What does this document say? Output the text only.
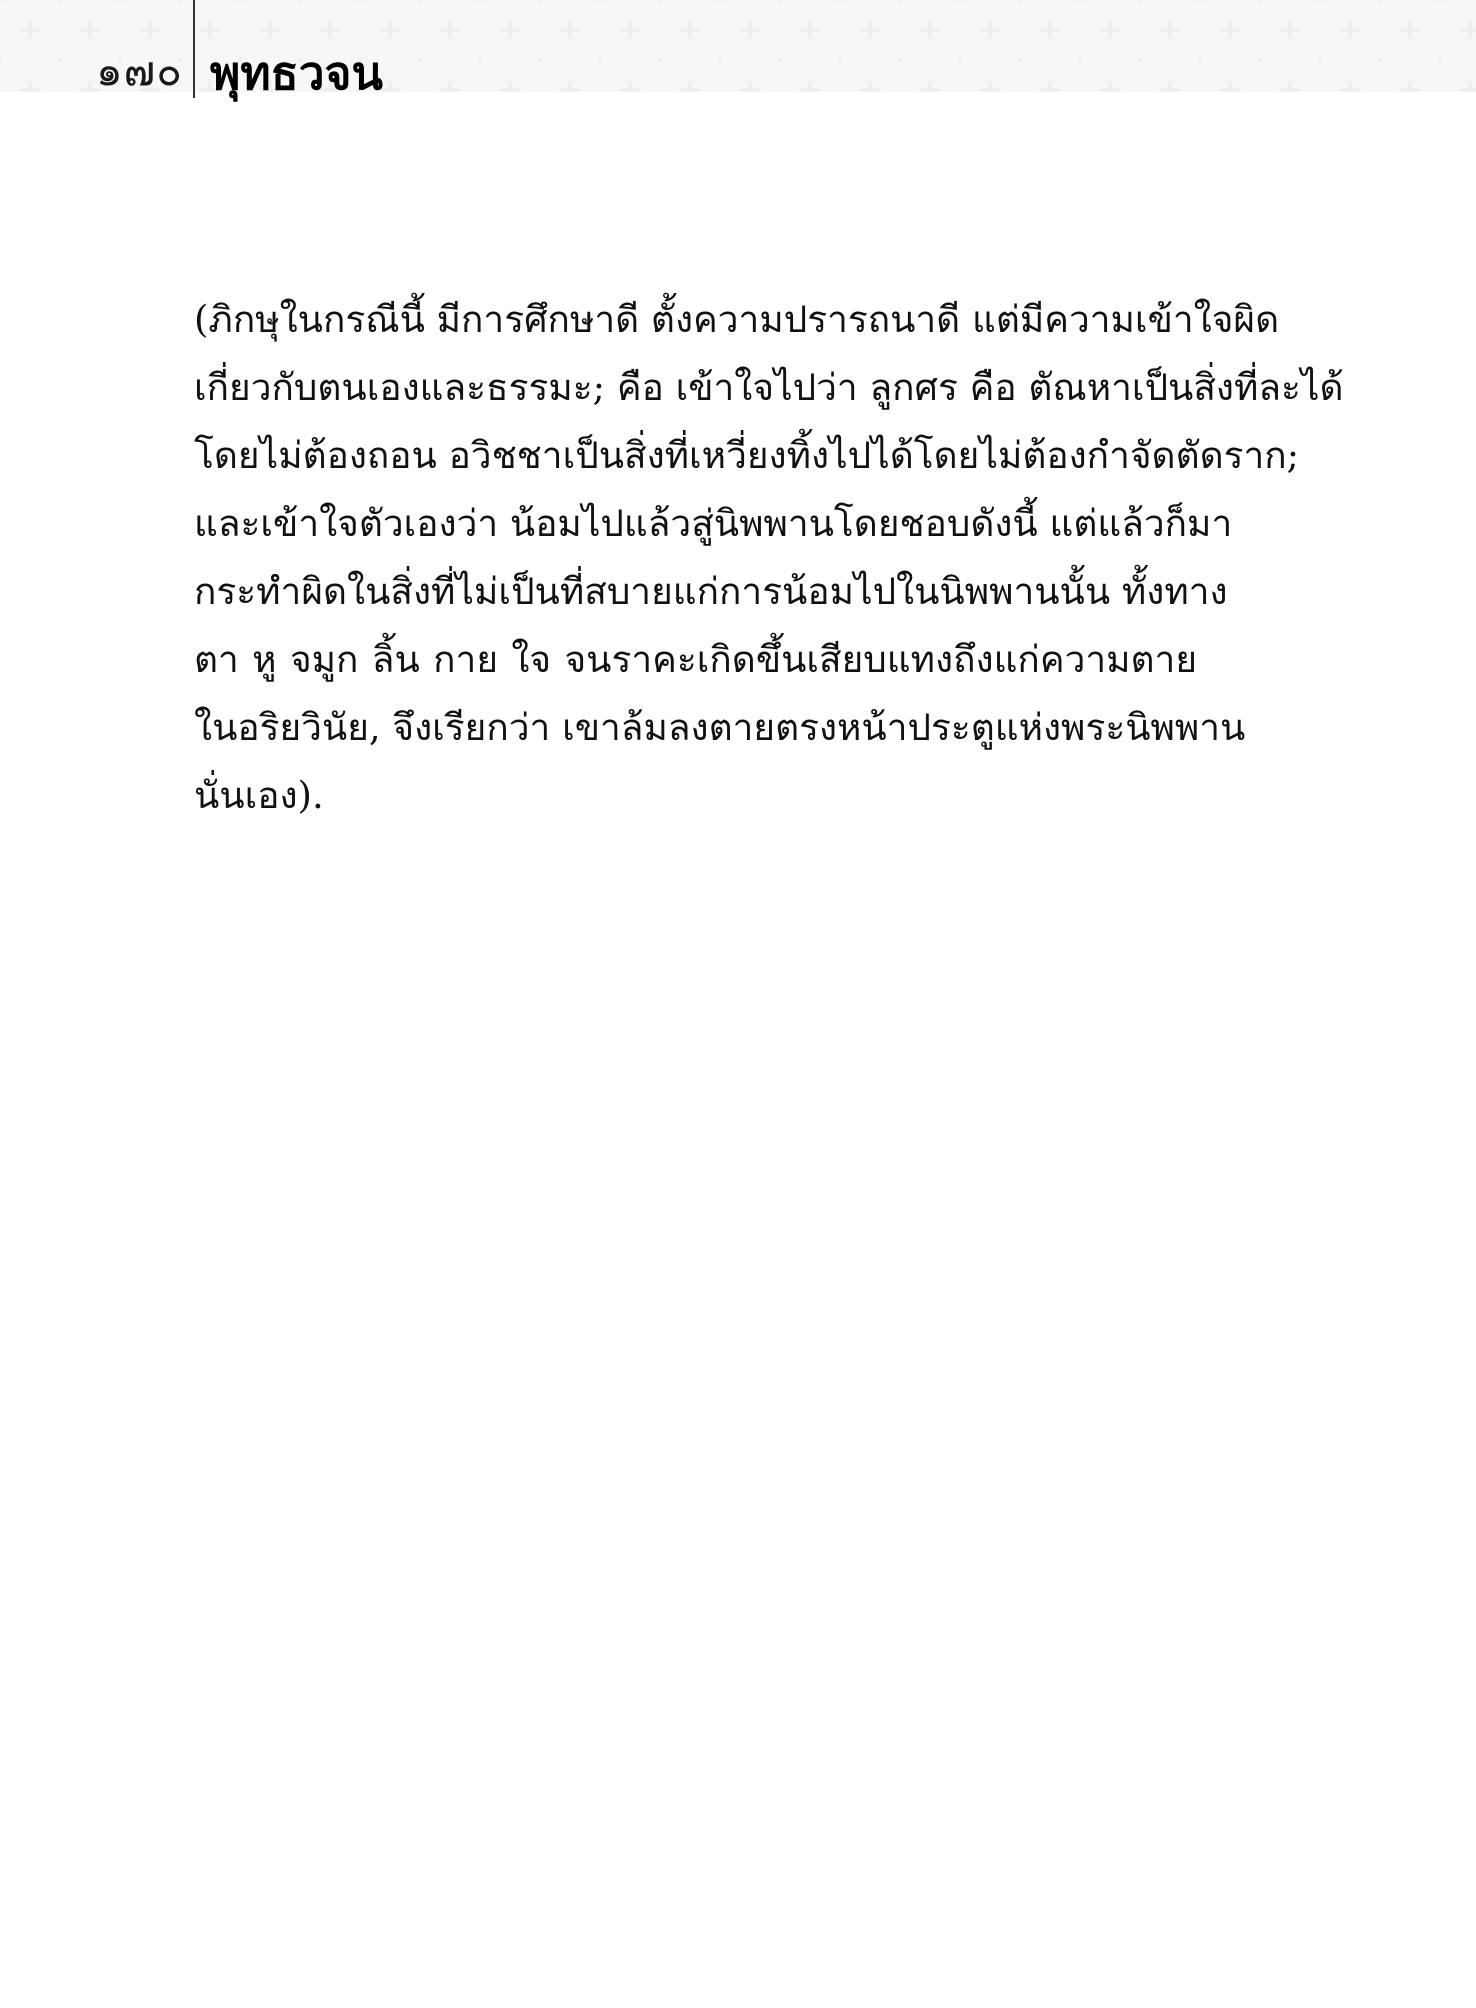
๑๗๐ พุทธวจน
(ภิกษุในกรณีนี้ มีการศึกษาดี ตั้งความปรารถนาดี แต่มีความเข้าใจผิด
เกี่ยวกับตนเองและธรรมะ; คือ เข้าใจไปว่า ลูกศร คือ ตัณหาเป็นสิ่งที่ละได้
โดยไม่ต้องถอน อวิชชาเป็นสิ่งที่เหวี่ยงทิ้งไปได้โดยไม่ต้องกำจัดตัดราก;
และเข้าใจตัวเองว่า น้อมไปแล้วสู่นิพพานโดยชอบดังนี้ แต่แล้วก็มา
กระทำผิดในสิ่งที่ไม่เป็นที่สบายแก่การน้อมไปในนิพพานนั้น ทั้งทาง
ตา หู จมูก ลิ้น กาย ใจ จนราคะเกิดขึ้นเสียบแทงถึงแก่ความตาย
ในอริยวินัย, จึงเรียกว่า เขาล้มลงตายตรงหน้าประตูแห่งพระนิพพาน
นั่นเอง).
